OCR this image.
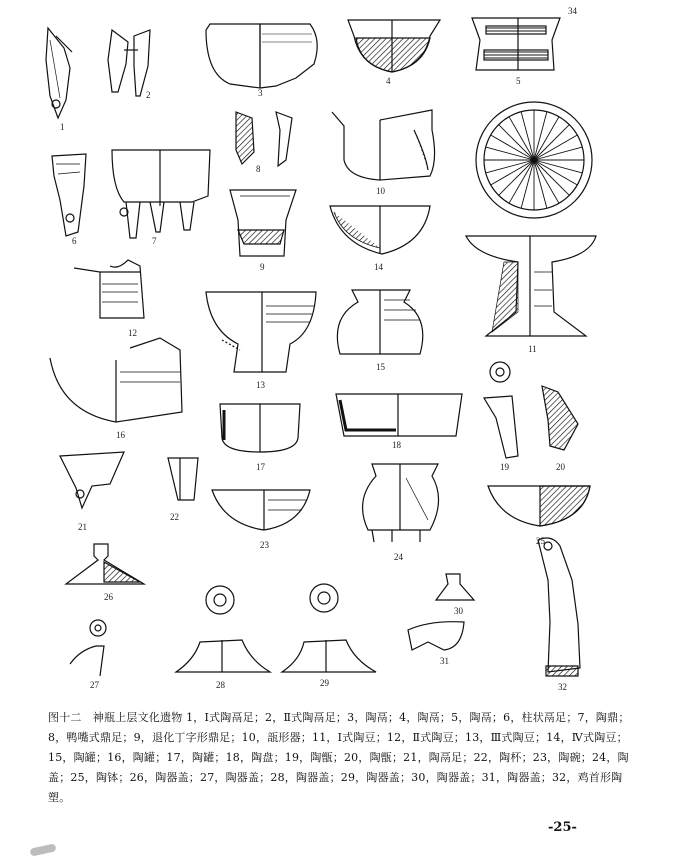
1
2	3
4	5
6	7
8
9
10
11
12
13
14
15
16
17
18
19	20
21
22
23
24
25
26
27	28	29
30
31
32
34
图十二　神瓶上层文化遗物 1，Ⅰ式陶鬲足；2，Ⅱ式陶鬲足；3，陶鬲；4，陶鬲；5，陶鬲；6，柱状鬲足；7，陶鼎；8，鸭嘴式鼎足；9，退化丁字形鼎足；10，瓿形器；11，Ⅰ式陶豆；12，Ⅱ式陶豆；13，Ⅲ式陶豆；14，Ⅳ式陶豆；15，陶罐；16，陶罐；17，陶罐；18，陶盘；19，陶甑；20，陶甑；21，陶鬲足；22，陶杯；23，陶碗；24，陶盖；25，陶钵；26，陶器盖；27，陶器盖；28，陶器盖；29，陶器盖；30，陶器盖；31，陶器盖；32，鸡首形陶塑。
-25-
